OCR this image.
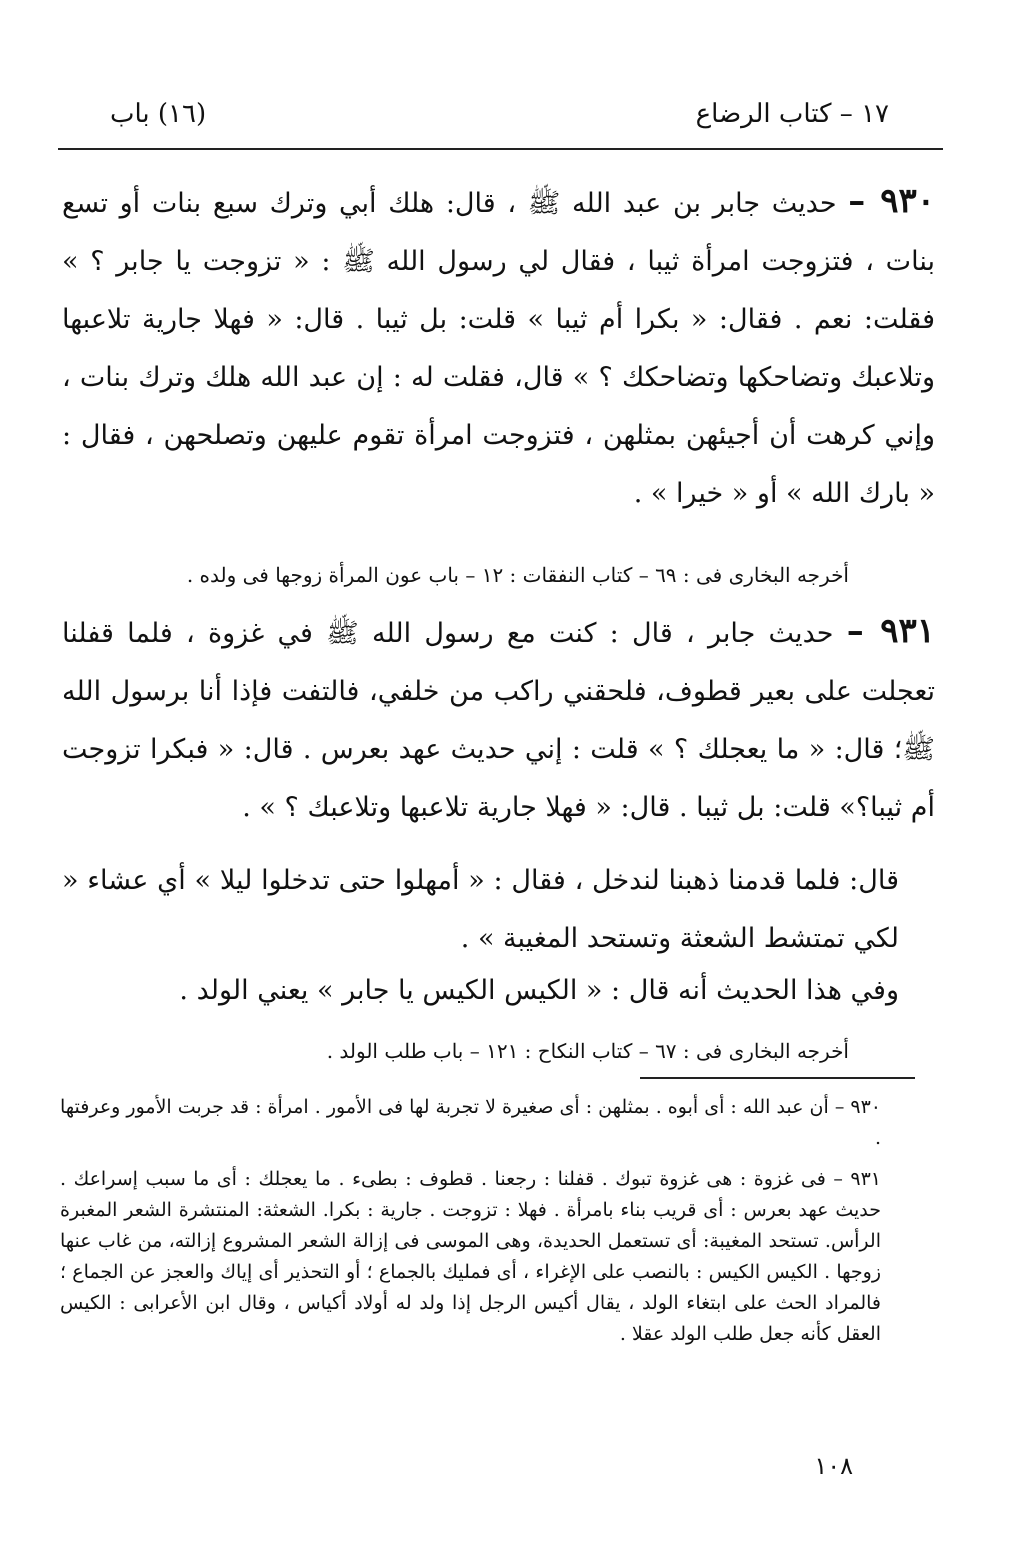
١٧ – كتاب الرضاع
(١٦) باب

٩٣٠ – حديث جابر بن عبد الله ﷺ ، قال: هلك أبي وترك سبع بنات أو تسع بنات ، فتزوجت امرأة ثيبا ، فقال لي رسول الله ﷺ : « تزوجت يا جابر ؟ » فقلت: نعم . فقال: « بكرا أم ثيبا » قلت: بل ثيبا . قال: « فهلا جارية تلاعبها وتلاعبك وتضاحكها وتضاحكك ؟ » قال، فقلت له : إن عبد الله هلك وترك بنات ، وإني كرهت أن أجيئهن بمثلهن ، فتزوجت امرأة تقوم عليهن وتصلحهن ، فقال : « بارك الله » أو « خيرا » .

أخرجه البخارى فى : ٦٩ – كتاب النفقات : ١٢ – باب عون المرأة زوجها فى ولده .

٩٣١ – حديث جابر ، قال : كنت مع رسول الله ﷺ في غزوة ، فلما قفلنا تعجلت على بعير قطوف، فلحقني راكب من خلفي، فالتفت فإذا أنا برسول الله ﷺ؛ قال: « ما يعجلك ؟ » قلت : إني حديث عهد بعرس . قال: « فبكرا تزوجت أم ثيبا؟» قلت: بل ثيبا . قال: « فهلا جارية تلاعبها وتلاعبك ؟ » .

قال: فلما قدمنا ذهبنا لندخل ، فقال : « أمهلوا حتى تدخلوا ليلا » أي عشاء « لكي تمتشط الشعثة وتستحد المغيبة » .

وفي هذا الحديث أنه قال : « الكيس الكيس يا جابر » يعني الولد .

أخرجه البخارى فى : ٦٧ – كتاب النكاح : ١٢١ – باب طلب الولد .

٩٣٠ – أن عبد الله : أى أبوه . بمثلهن : أى صغيرة لا تجربة لها فى الأمور . امرأة : قد جربت الأمور وعرفتها .

٩٣١ – فى غزوة : هى غزوة تبوك . قفلنا : رجعنا . قطوف : بطىء . ما يعجلك : أى ما سبب إسراعك . حديث عهد بعرس : أى قريب بناء بامرأة . فهلا : تزوجت . جارية : بكرا. الشعثة: المنتشرة الشعر المغبرة الرأس. تستحد المغيبة: أى تستعمل الحديدة، وهى الموسى فى إزالة الشعر المشروع إزالته، من غاب عنها زوجها . الكيس الكيس : بالنصب على الإغراء ، أى فمليك بالجماع ؛ أو التحذير أى إياك والعجز عن الجماع ؛ فالمراد الحث على ابتغاء الولد ، يقال أكيس الرجل إذا ولد له أولاد أكياس ، وقال ابن الأعرابى : الكيس العقل كأنه جعل طلب الولد عقلا .

١٠٨
